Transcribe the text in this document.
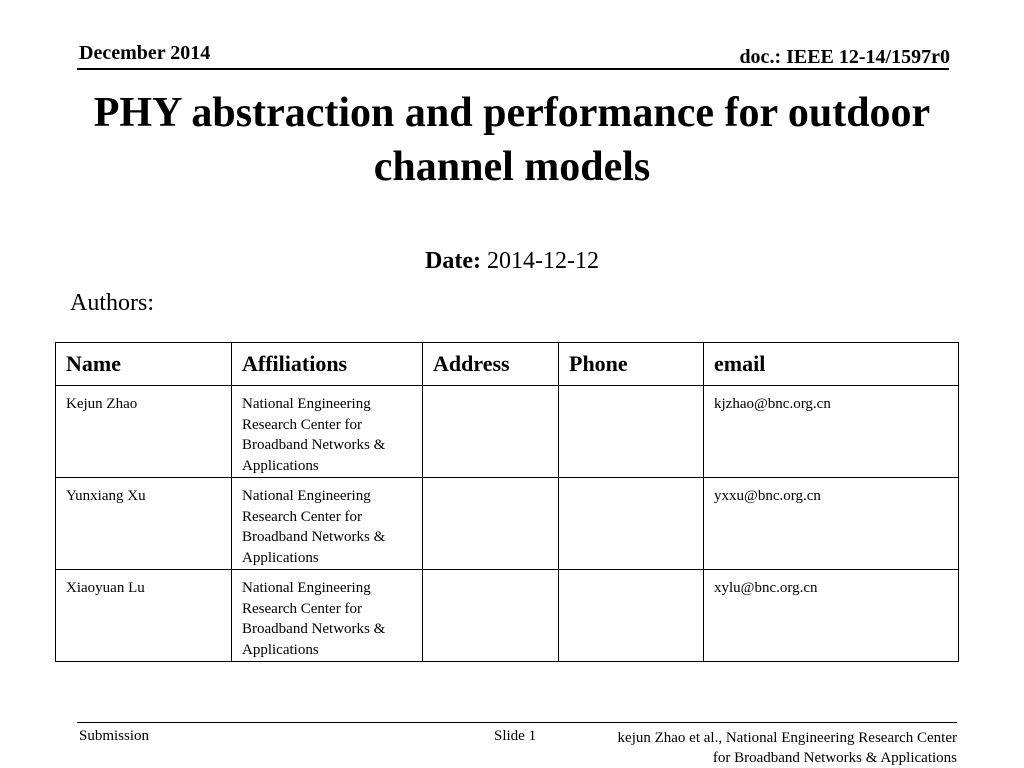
December 2014	doc.: IEEE 12-14/1597r0
PHY abstraction and performance for outdoor channel models
Date: 2014-12-12
Authors:
Name	Affiliations	Address	Phone	email
Kejun Zhao	National Engineering Research Center for Broadband Networks & Applications			kjzhao@bnc.org.cn
Yunxiang Xu	National Engineering Research Center for Broadband Networks & Applications			yxxu@bnc.org.cn
Xiaoyuan Lu	National Engineering Research Center for Broadband Networks & Applications			xylu@bnc.org.cn
Submission	Slide 1	kejun Zhao et al., National Engineering Research Center for Broadband Networks & Applications
